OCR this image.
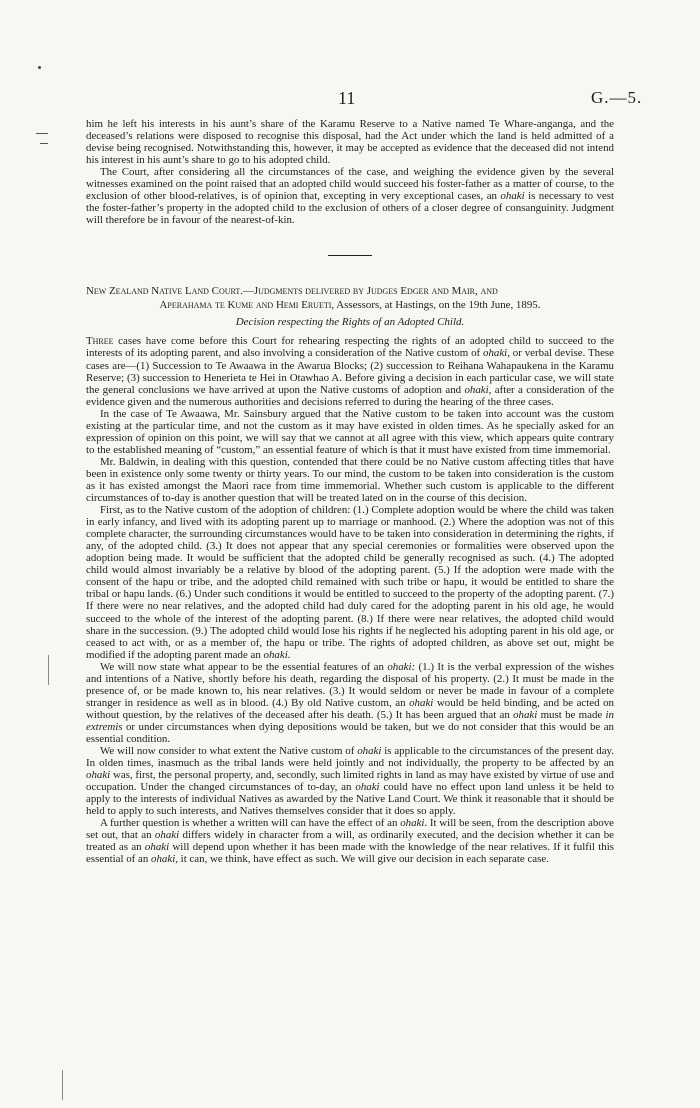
11	G.—5.

him he left his interests in his aunt’s share of the Karamu Reserve to a Native named Te Whare-anganga, and the deceased’s relations were disposed to recognise this disposal, had the Act under which the land is held admitted of a devise being recognised. Notwithstanding this, however, it may be accepted as evidence that the deceased did not intend his interest in his aunt’s share to go to his adopted child.

The Court, after considering all the circumstances of the case, and weighing the evidence given by the several witnesses examined on the point raised that an adopted child would succeed his foster-father as a matter of course, to the exclusion of other blood-relatives, is of opinion that, excepting in very exceptional cases, an ohaki is necessary to vest the foster-father’s property in the adopted child to the exclusion of others of a closer degree of consanguinity. Judgment will therefore be in favour of the nearest-of-kin.

New Zealand Native Land Court.—Judgments delivered by Judges Edger and Mair, and
Aperahama te Kume and Hemi Erueti, Assessors, at Hastings, on the 19th June, 1895.

Decision respecting the Rights of an Adopted Child.

Three cases have come before this Court for rehearing respecting the rights of an adopted child to succeed to the interests of its adopting parent, and also involving a consideration of the Native custom of ohaki, or verbal devise. These cases are—(1) Succession to Te Awaawa in the Awarua Blocks; (2) succession to Reihana Wahapaukena in the Karamu Reserve; (3) succession to Henerieta te Hei in Otawhao A. Before giving a decision in each particular case, we will state the general conclusions we have arrived at upon the Native customs of adoption and ohaki, after a consideration of the evidence given and the numerous authorities and decisions referred to during the hearing of the three cases.

In the case of Te Awaawa, Mr. Sainsbury argued that the Native custom to be taken into account was the custom existing at the particular time, and not the custom as it may have existed in olden times. As he specially asked for an expression of opinion on this point, we will say that we cannot at all agree with this view, which appears quite contrary to the established meaning of “custom,” an essential feature of which is that it must have existed from time immemorial.

Mr. Baldwin, in dealing with this question, contended that there could be no Native custom affecting titles that have been in existence only some twenty or thirty years. To our mind, the custom to be taken into consideration is the custom as it has existed amongst the Maori race from time immemorial. Whether such custom is applicable to the different circumstances of to-day is another question that will be treated lated on in the course of this decision.

First, as to the Native custom of the adoption of children: (1.) Complete adoption would be where the child was taken in early infancy, and lived with its adopting parent up to marriage or manhood. (2.) Where the adoption was not of this complete character, the surrounding circumstances would have to be taken into consideration in determining the rights, if any, of the adopted child. (3.) It does not appear that any special ceremonies or formalities were observed upon the adoption being made. It would be sufficient that the adopted child be generally recognised as such. (4.) The adopted child would almost invariably be a relative by blood of the adopting parent. (5.) If the adoption were made with the consent of the hapu or tribe, and the adopted child remained with such tribe or hapu, it would be entitled to share the tribal or hapu lands. (6.) Under such conditions it would be entitled to succeed to the property of the adopting parent. (7.) If there were no near relatives, and the adopted child had duly cared for the adopting parent in his old age, he would succeed to the whole of the interest of the adopting parent. (8.) If there were near relatives, the adopted child would share in the succession. (9.) The adopted child would lose his rights if he neglected his adopting parent in his old age, or ceased to act with, or as a member of, the hapu or tribe. The rights of adopted children, as above set out, might be modified if the adopting parent made an ohaki.

We will now state what appear to be the essential features of an ohaki: (1.) It is the verbal expression of the wishes and intentions of a Native, shortly before his death, regarding the disposal of his property. (2.) It must be made in the presence of, or be made known to, his near relatives. (3.) It would seldom or never be made in favour of a complete stranger in residence as well as in blood. (4.) By old Native custom, an ohaki would be held binding, and be acted on without question, by the relatives of the deceased after his death. (5.) It has been argued that an ohaki must be made in extremis or under circumstances when dying depositions would be taken, but we do not consider that this would be an essential condition.

We will now consider to what extent the Native custom of ohaki is applicable to the circumstances of the present day. In olden times, inasmuch as the tribal lands were held jointly and not individually, the property to be affected by an ohaki was, first, the personal property, and, secondly, such limited rights in land as may have existed by virtue of use and occupation. Under the changed circumstances of to-day, an ohaki could have no effect upon land unless it be held to apply to the interests of individual Natives as awarded by the Native Land Court. We think it reasonable that it should be held to apply to such interests, and Natives themselves consider that it does so apply.

A further question is whether a written will can have the effect of an ohaki. It will be seen, from the description above set out, that an ohaki differs widely in character from a will, as ordinarily executed, and the decision whether it can be treated as an ohaki will depend upon whether it has been made with the knowledge of the near relatives. If it fulfil this essential of an ohaki, it can, we think, have effect as such. We will give our decision in each separate case.
